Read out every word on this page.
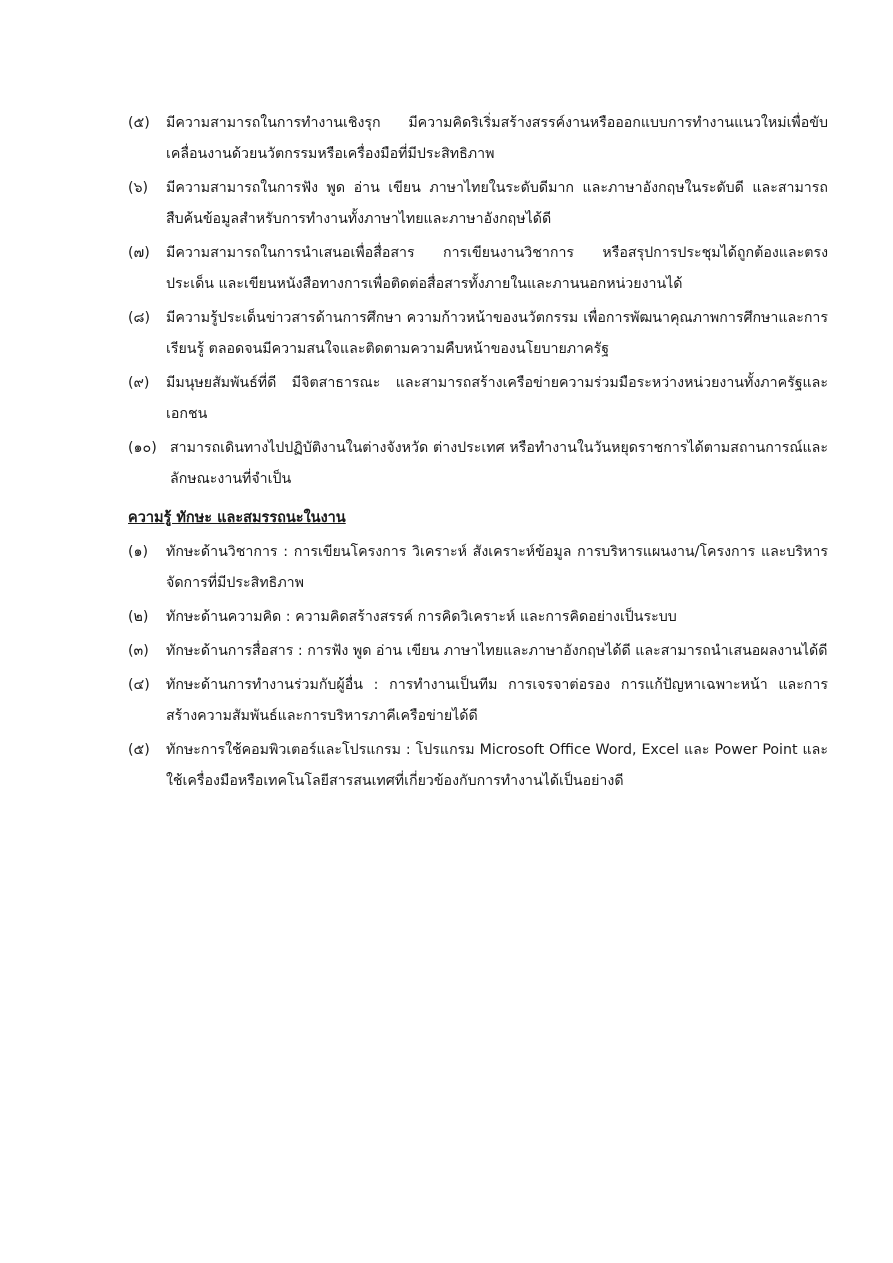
(๕) มีความสามารถในการทำงานเชิงรุก มีความคิดริเริ่มสร้างสรรค์งานหรือออกแบบการทำงานแนวใหม่เพื่อขับเคลื่อนงานด้วยนวัตกรรมหรือเครื่องมือที่มีประสิทธิภาพ
(๖) มีความสามารถในการฟัง พูด อ่าน เขียน ภาษาไทยในระดับดีมาก และภาษาอังกฤษในระดับดี และสามารถสืบค้นข้อมูลสำหรับการทำงานทั้งภาษาไทยและภาษาอังกฤษได้ดี
(๗) มีความสามารถในการนำเสนอเพื่อสื่อสาร การเขียนงานวิชาการ หรือสรุปการประชุมได้ถูกต้องและตรงประเด็น และเขียนหนังสือทางการเพื่อติดต่อสื่อสารทั้งภายในและภานนอกหน่วยงานได้
(๘) มีความรู้ประเด็นข่าวสารด้านการศึกษา ความก้าวหน้าของนวัตกรรม เพื่อการพัฒนาคุณภาพการศึกษาและการเรียนรู้ ตลอดจนมีความสนใจและติดตามความคืบหน้าของนโยบายภาครัฐ
(๙) มีมนุษยสัมพันธ์ที่ดี มีจิตสาธารณะ และสามารถสร้างเครือข่ายความร่วมมือระหว่างหน่วยงานทั้งภาครัฐและเอกชน
(๑๐) สามารถเดินทางไปปฏิบัติงานในต่างจังหวัด ต่างประเทศ หรือทำงานในวันหยุดราชการได้ตามสถานการณ์และลักษณะงานที่จำเป็น
ความรู้ ทักษะ และสมรรถนะในงาน
(๑) ทักษะด้านวิชาการ : การเขียนโครงการ วิเคราะห์ สังเคราะห์ข้อมูล การบริหารแผนงาน/โครงการ และบริหารจัดการที่มีประสิทธิภาพ
(๒) ทักษะด้านความคิด : ความคิดสร้างสรรค์ การคิดวิเคราะห์ และการคิดอย่างเป็นระบบ
(๓) ทักษะด้านการสื่อสาร : การฟัง พูด อ่าน เขียน ภาษาไทยและภาษาอังกฤษได้ดี และสามารถนำเสนอผลงานได้ดี
(๔) ทักษะด้านการทำงานร่วมกับผู้อื่น : การทำงานเป็นทีม การเจรจาต่อรอง การแก้ปัญหาเฉพาะหน้า และการสร้างความสัมพันธ์และการบริหารภาคีเครือข่ายได้ดี
(๕) ทักษะการใช้คอมพิวเตอร์และโปรแกรม : โปรแกรม Microsoft Office Word, Excel และ Power Point และใช้เครื่องมือหรือเทคโนโลยีสารสนเทศที่เกี่ยวข้องกับการทำงานได้เป็นอย่างดี
